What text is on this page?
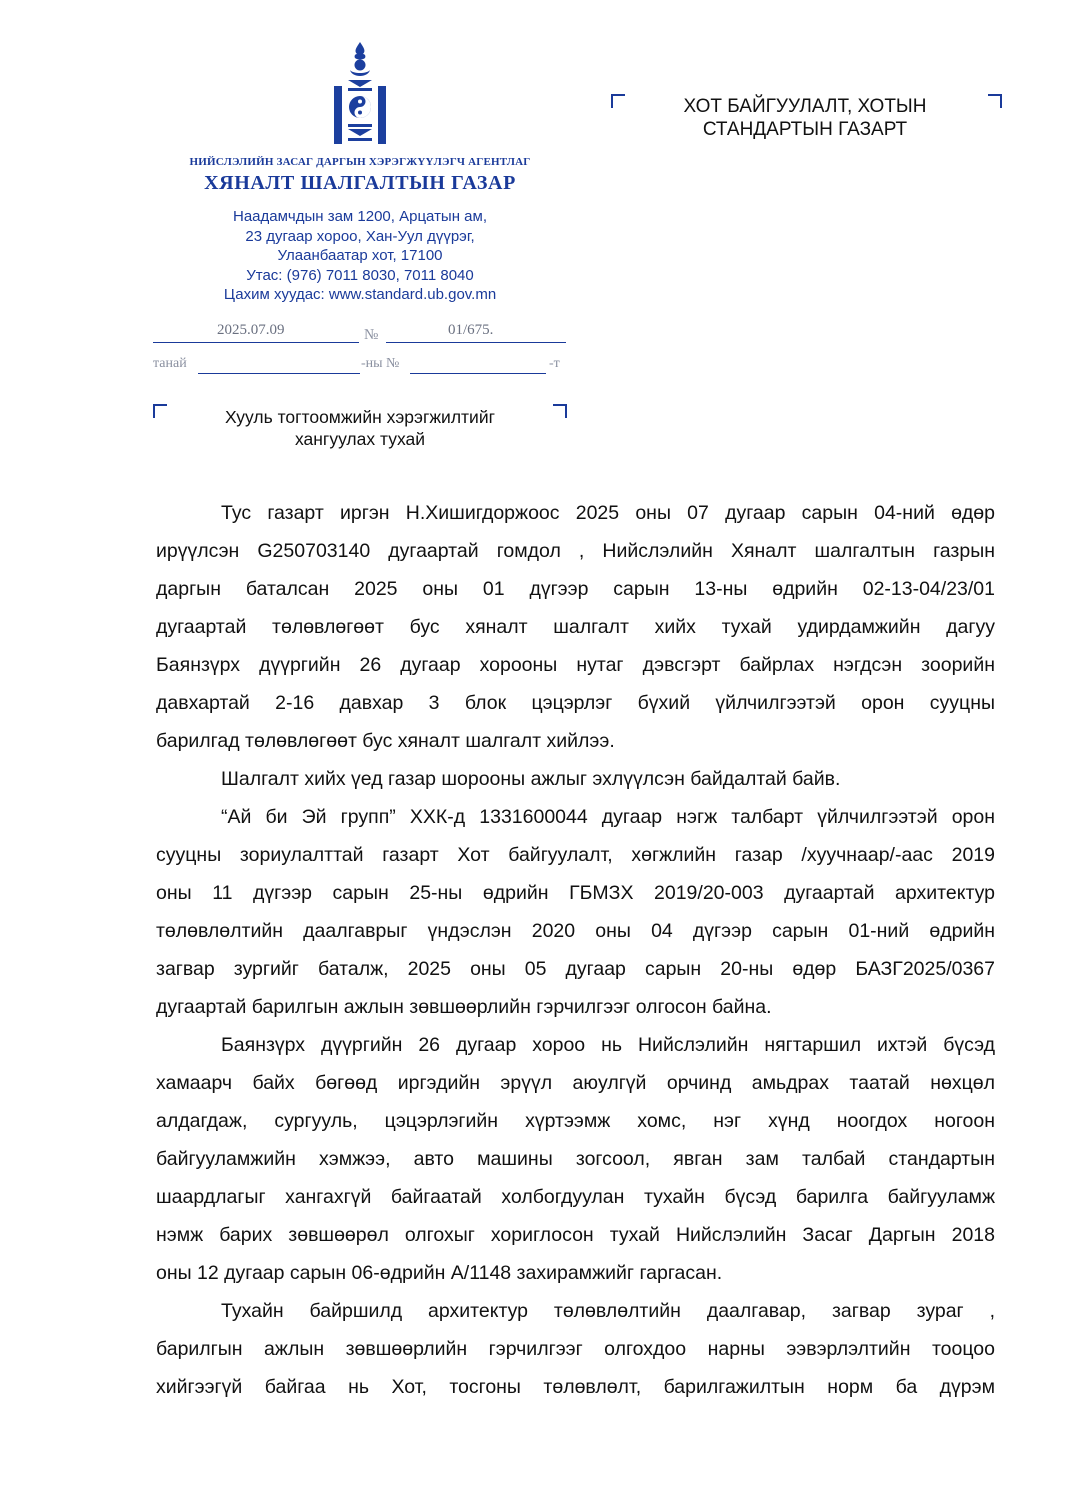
НИЙСЛЭЛИЙН ЗАСАГ ДАРГЫН ХЭРЭГЖҮҮЛЭГЧ АГЕНТЛАГ
ХЯНАЛТ ШАЛГАЛТЫН ГАЗАР
Наадамчдын зам 1200, Арцатын ам,
23 дугаар хороо, Хан-Уул дүүрэг,
Улаанбаатар хот, 17100
Утас: (976) 7011 8030, 7011 8040
Цахим хуудас: www.standard.ub.gov.mn
2025.07.09	№	01/675.
танай	-ны №	-т
ХОТ БАЙГУУЛАЛТ, ХОТЫН
СТАНДАРТЫН ГАЗАРТ
Хууль тогтоомжийн хэрэгжилтийг
хангуулах тухай
Тус газарт иргэн Н.Хишигдоржоос 2025 оны 07 дугаар сарын 04-ний өдөр
ирүүлсэн G250703140 дугаартай гомдол , Нийслэлийн Хяналт шалгалтын газрын
даргын баталсан 2025 оны 01 дүгээр сарын 13-ны өдрийн 02-13-04/23/01
дугаартай төлөвлөгөөт бус хяналт шалгалт хийх тухай удирдамжийн дагуу
Баянзүрх дүүргийн 26 дугаар хорооны нутаг дэвсгэрт байрлах нэгдсэн зоорийн
давхартай 2-16 давхар 3 блок цэцэрлэг бүхий үйлчилгээтэй орон сууцны
барилгад төлөвлөгөөт бус хяналт шалгалт хийлээ.
Шалгалт хийх үед газар шорооны ажлыг эхлүүлсэн байдалтай байв.
“Ай би Эй групп” ХХК-д 1331600044 дугаар нэгж талбарт үйлчилгээтэй орон
сууцны зориулалттай газарт Хот байгуулалт, хөгжлийн газар /хуучнаар/-аас 2019
оны 11 дүгээр сарын 25-ны өдрийн ГБМЗХ 2019/20-003 дугаартай архитектур
төлөвлөлтийн даалгаврыг үндэслэн 2020 оны 04 дүгээр сарын 01-ний өдрийн
загвар зургийг баталж, 2025 оны 05 дугаар сарын 20-ны өдөр БАЗГ2025/0367
дугаартай барилгын ажлын зөвшөөрлийн гэрчилгээг олгосон байна.
Баянзүрх дүүргийн 26 дугаар хороо нь Нийслэлийн нягтаршил ихтэй бүсэд
хамаарч байх бөгөөд иргэдийн эрүүл аюулгүй орчинд амьдрах таатай нөхцөл
алдагдаж, сургууль, цэцэрлэгийн хүртээмж хомс, нэг хүнд ноогдох ногоон
байгууламжийн хэмжээ, авто машины зогсоол, явган зам талбай стандартын
шаардлагыг хангахгүй байгаатай холбогдуулан тухайн бүсэд барилга байгууламж
нэмж барих зөвшөөрөл олгохыг хориглосон тухай Нийслэлийн Засаг Даргын 2018
оны 12 дугаар сарын 06-өдрийн А/1148 захирамжийг гаргасан.
Тухайн байршилд архитектур төлөвлөлтийн даалгавар, загвар зураг ,
барилгын ажлын зөвшөөрлийн гэрчилгээг олгохдоо нарны ээвэрлэлтийн тооцоо
хийгээгүй байгаа нь Хот, тосгоны төлөвлөлт, барилгажилтын норм ба дүрэм
